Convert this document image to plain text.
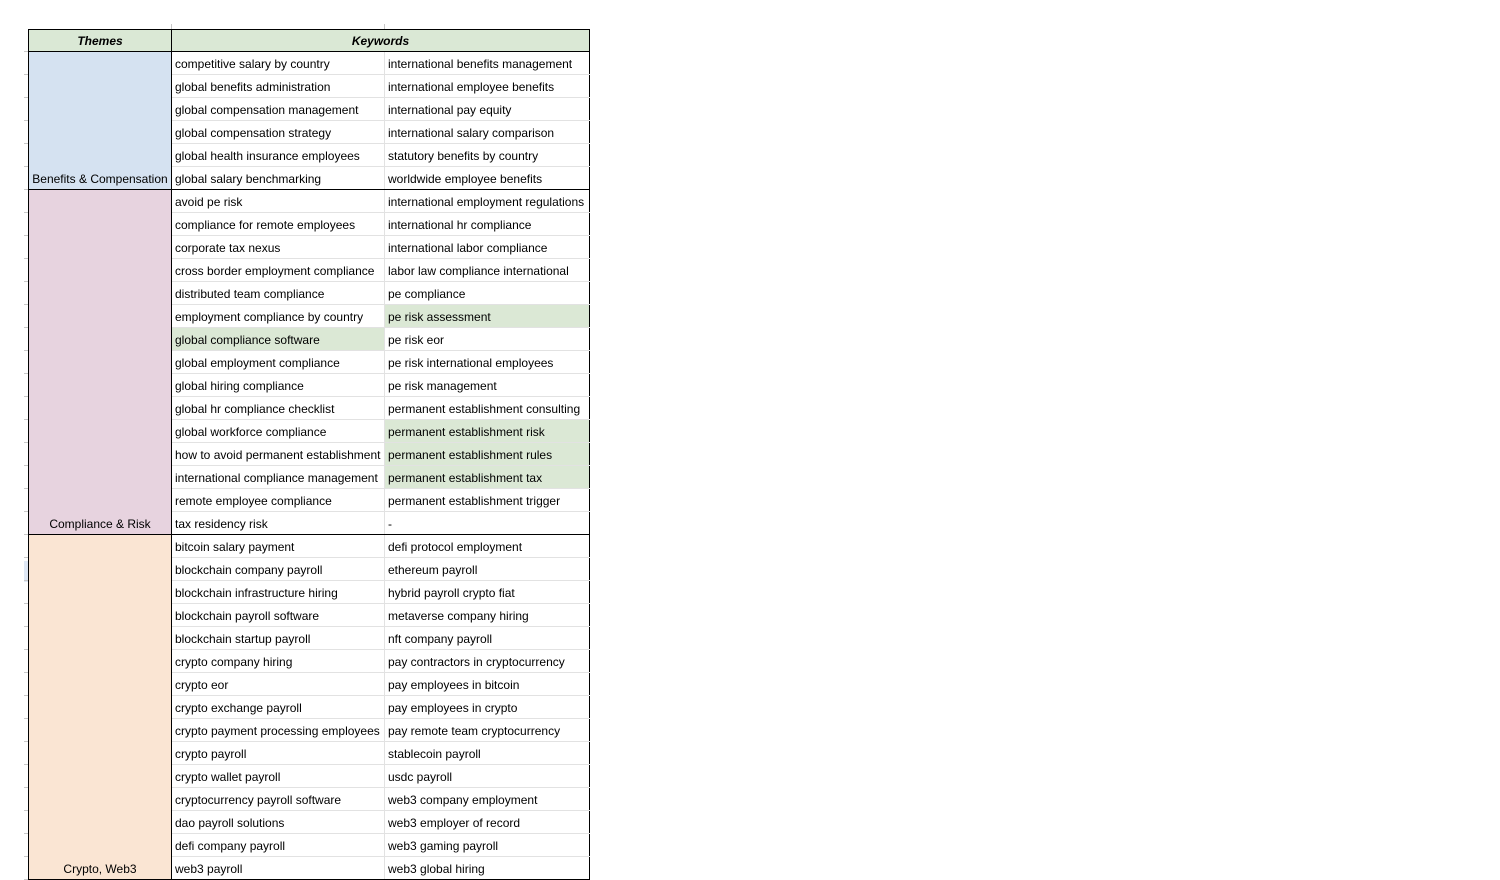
Themes	Keywords	
Benefits & Compensation	competitive salary by country	international benefits management
	global benefits administration	international employee benefits
	global compensation management	international pay equity
	global compensation strategy	international salary comparison
	global health insurance employees	statutory benefits by country
	global salary benchmarking	worldwide employee benefits
Compliance & Risk	avoid pe risk	international employment regulations
	compliance for remote employees	international hr compliance
	corporate tax nexus	international labor compliance
	cross border employment compliance	labor law compliance international
	distributed team compliance	pe compliance
	employment compliance by country	pe risk assessment
	global compliance software	pe risk eor
	global employment compliance	pe risk international employees
	global hiring compliance	pe risk management
	global hr compliance checklist	permanent establishment consulting
	global workforce compliance	permanent establishment risk
	how to avoid permanent establishment	permanent establishment rules
	international compliance management	permanent establishment tax
	remote employee compliance	permanent establishment trigger
	tax residency risk	-
Crypto, Web3	bitcoin salary payment	defi protocol employment
	blockchain company payroll	ethereum payroll
	blockchain infrastructure hiring	hybrid payroll crypto fiat
	blockchain payroll software	metaverse company hiring
	blockchain startup payroll	nft company payroll
	crypto company hiring	pay contractors in cryptocurrency
	crypto eor	pay employees in bitcoin
	crypto exchange payroll	pay employees in crypto
	crypto payment processing employees	pay remote team cryptocurrency
	crypto payroll	stablecoin payroll
	crypto wallet payroll	usdc payroll
	cryptocurrency payroll software	web3 company employment
	dao payroll solutions	web3 employer of record
	defi company payroll	web3 gaming payroll
	web3 payroll	web3 global hiring
